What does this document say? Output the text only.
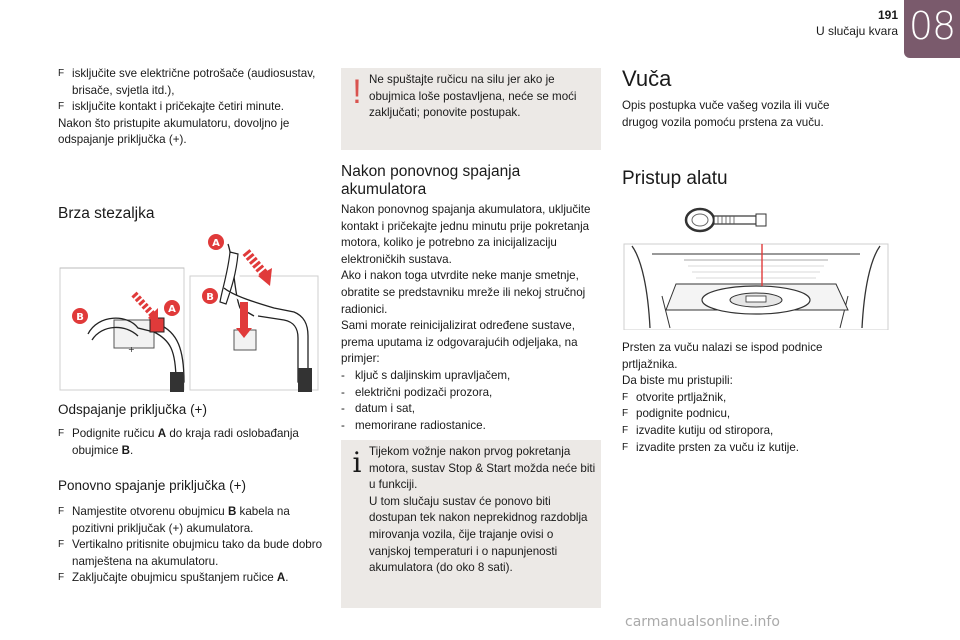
191
U slučaju kvara 08
F isključite sve električne potrošače (audiosustav, brisače, svjetla itd.),
F isključite kontakt i pričekajte četiri minute.

Nakon što pristupite akumulatoru, dovoljno je odspajanje priključka (+).

Brza stezaljka
+
A
B
B
A
Odspajanje priključka (+)
F Podignite ručicu A do kraja radi oslobađanja obujmice B.
Ponovno spajanje priključka (+)
F Namjestite otvorenu obujmicu B kabela na pozitivni priključak (+) akumulatora.
F Vertikalno pritisnite obujmicu tako da bude dobro namještena na akumulatoru.
F Zaključajte obujmicu spuštanjem ručice A.
! Ne spuštajte ručicu na silu jer ako je obujmica loše postavljena, neće se moći zaključati; ponovite postupak.

Nakon ponovnog spajanja akumulatora

Nakon ponovnog spajanja akumulatora, uključite kontakt i pričekajte jednu minutu prije pokretanja motora, koliko je potrebno za inicijalizaciju elektroničkih sustava.

Ako i nakon toga utvrdite neke manje smetnje, obratite se predstavniku mreže ili nekoj stručnoj radionici.

Sami morate reinicijalizirat određene sustave, prema uputama iz odgovarajućih odjeljaka, na primjer:

- ključ s daljinskim upravljačem,
- električni podizači prozora,
- datum i sat,
- memorirane radiostanice.
i Tijekom vožnje nakon prvog pokretanja motora, sustav Stop & Start možda neće biti u funkciji.

U tom slučaju sustav će ponovo biti dostupan tek nakon neprekidnog razdoblja mirovanja vozila, čije trajanje ovisi o vanjskoj temperaturi i o napunjenosti akumulatora (do oko 8 sati).

Vuča

Opis postupka vuče vašeg vozila ili vuče drugog vozila pomoću prstena za vuču.

Pristup alatu

Prsten za vuču nalazi se ispod podnice prtljažnika.

Da biste mu pristupili:

F otvorite prtljažnik,
F podignite podnicu,
F izvadite kutiju od stiropora,
F izvadite prsten za vuču iz kutije.
carmanualsonline.info
